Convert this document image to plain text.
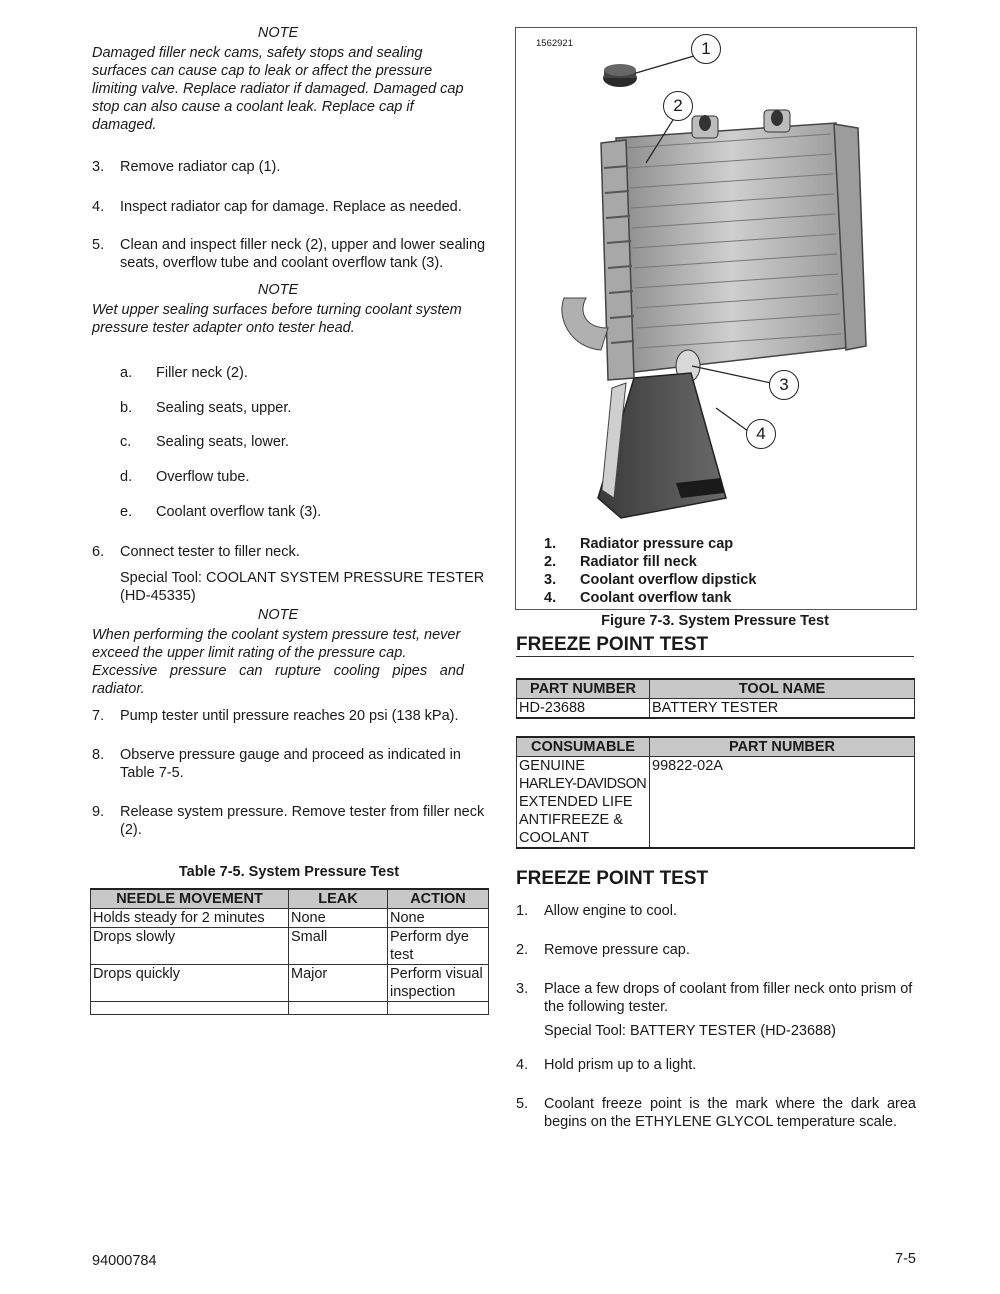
NOTE
Damaged filler neck cams, safety stops and sealing
surfaces can cause cap to leak or affect the pressure
limiting valve. Replace radiator if damaged. Damaged cap
stop can also cause a coolant leak. Replace cap if
damaged.
3.	Remove radiator cap (1).
4.	Inspect radiator cap for damage. Replace as needed.
5.	Clean and inspect filler neck (2), upper and lower sealing seats, overflow tube and coolant overflow tank (3).
NOTE
Wet upper sealing surfaces before turning coolant system
pressure tester adapter onto tester head.
a.	Filler neck (2).
b.	Sealing seats, upper.
c.	Sealing seats, lower.
d.	Overflow tube.
e.	Coolant overflow tank (3).
6.	Connect tester to filler neck.
Special Tool: COOLANT SYSTEM PRESSURE TESTER (HD-45335)
NOTE
When performing the coolant system pressure test, never
exceed the upper limit rating of the pressure cap.
Excessive pressure can rupture cooling pipes and radiator.
7.	Pump tester until pressure reaches 20 psi (138 kPa).
8.	Observe pressure gauge and proceed as indicated in Table 7-5.
9.	Release system pressure. Remove tester from filler neck (2).
Table 7-5. System Pressure Test
NEEDLE MOVEMENT	LEAK	ACTION
Holds steady for 2 minutes	None	None
Drops slowly	Small	Perform dye test
Drops quickly	Major	Perform visual inspection

1562921	1
2
3
4
1.	Radiator pressure cap
2.	Radiator fill neck
3.	Coolant overflow dipstick
4.	Coolant overflow tank
Figure 7-3. System Pressure Test
FREEZE POINT TEST
PART NUMBER	TOOL NAME
HD-23688	BATTERY TESTER
CONSUMABLE	PART NUMBER

GENUINE
HARLEY-DAVIDSON
EXTENDED LIFE
ANTIFREEZE &
COOLANT	99822-02A
FREEZE POINT TEST
1.	Allow engine to cool.
2.	Remove pressure cap.
3.	Place a few drops of coolant from filler neck onto prism of the following tester.
Special Tool: BATTERY TESTER (HD-23688)
4.	Hold prism up to a light.
5.	Coolant freeze point is the mark where the dark area begins on the ETHYLENE GLYCOL temperature scale.
94000784	7-5
